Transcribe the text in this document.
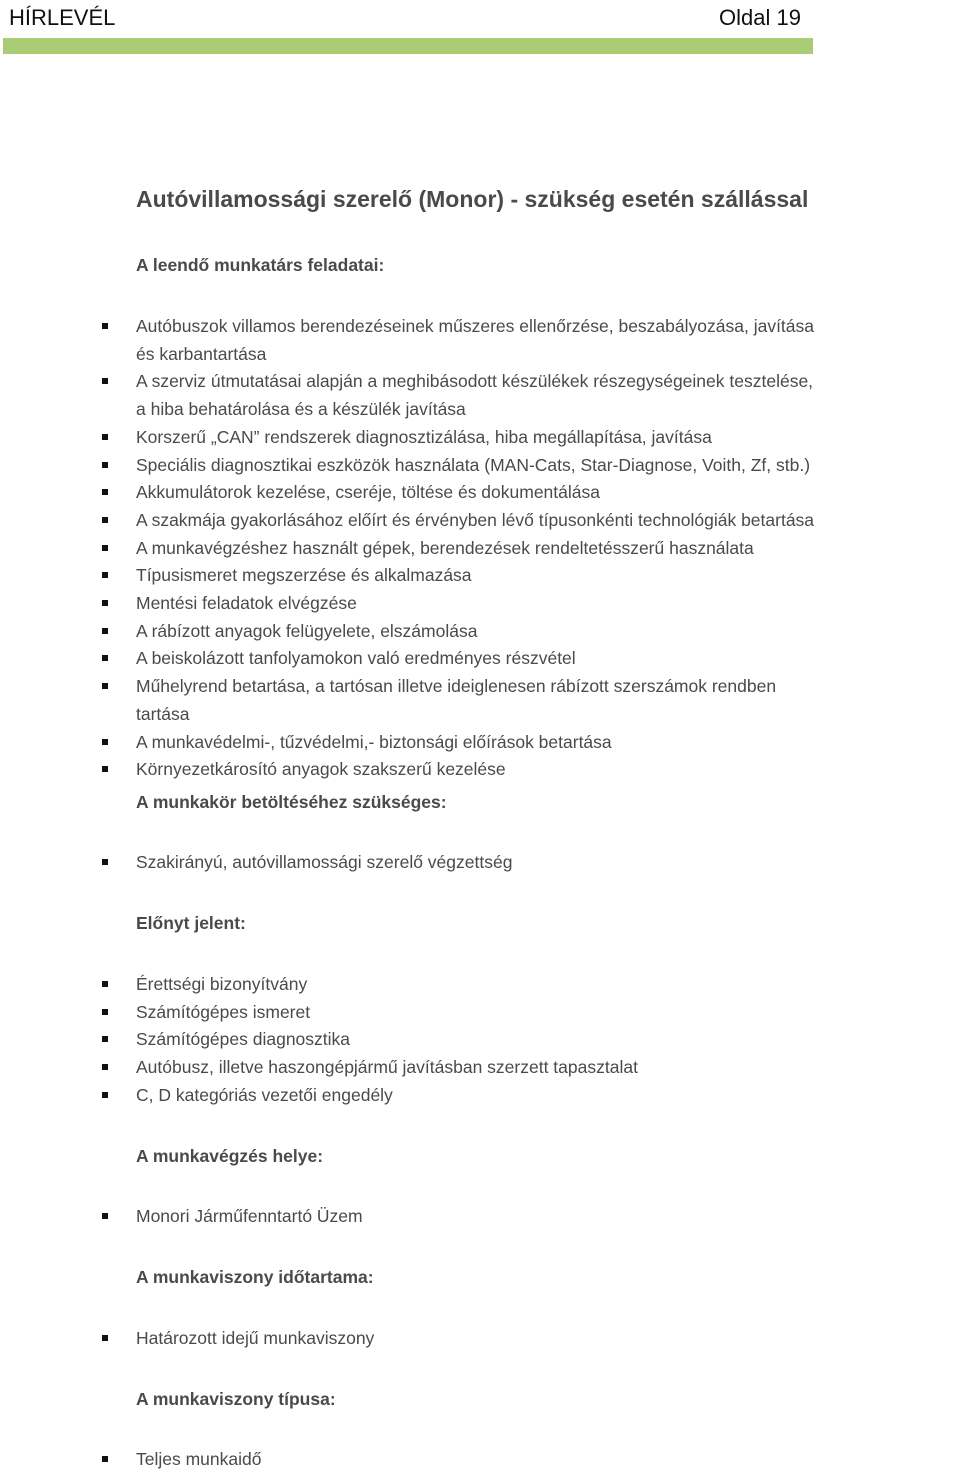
HÍRLEVÉL	Oldal 19
Autóvillamossági szerelő (Monor) - szükség esetén szállással
A leendő munkatárs feladatai:
Autóbuszok villamos berendezéseinek műszeres ellenőrzése, beszabályozása, javítása és karbantartása
A szerviz útmutatásai alapján a meghibásodott készülékek részegységeinek tesztelése, a hiba behatárolása és a készülék javítása
Korszerű „CAN” rendszerek diagnosztizálása, hiba megállapítása, javítása
Speciális diagnosztikai eszközök használata (MAN-Cats, Star-Diagnose, Voith, Zf, stb.)
Akkumulátorok kezelése, cseréje, töltése és dokumentálása
A szakmája gyakorlásához előírt és érvényben lévő típusonkénti technológiák betartása
A munkavégzéshez használt gépek, berendezések rendeltetésszerű használata
Típusismeret megszerzése és alkalmazása
Mentési feladatok elvégzése
A rábízott anyagok felügyelete, elszámolása
A beiskolázott tanfolyamokon való eredményes részvétel
Műhelyrend betartása, a tartósan illetve ideiglenesen rábízott szerszámok rendben tartása
A munkavédelmi-, tűzvédelmi,- biztonsági előírások betartása
Környezetkárosító anyagok szakszerű kezelése
A munkakör betöltéséhez szükséges:
Szakirányú, autóvillamossági szerelő végzettség
Előnyt jelent:
Érettségi bizonyítvány
Számítógépes ismeret
Számítógépes diagnosztika
Autóbusz, illetve haszongépjármű javításban szerzett tapasztalat
C, D kategóriás vezetői engedély
A munkavégzés helye:
Monori Járműfenntartó Üzem
A munkaviszony időtartama:
Határozott idejű munkaviszony
A munkaviszony típusa:
Teljes munkaidő
